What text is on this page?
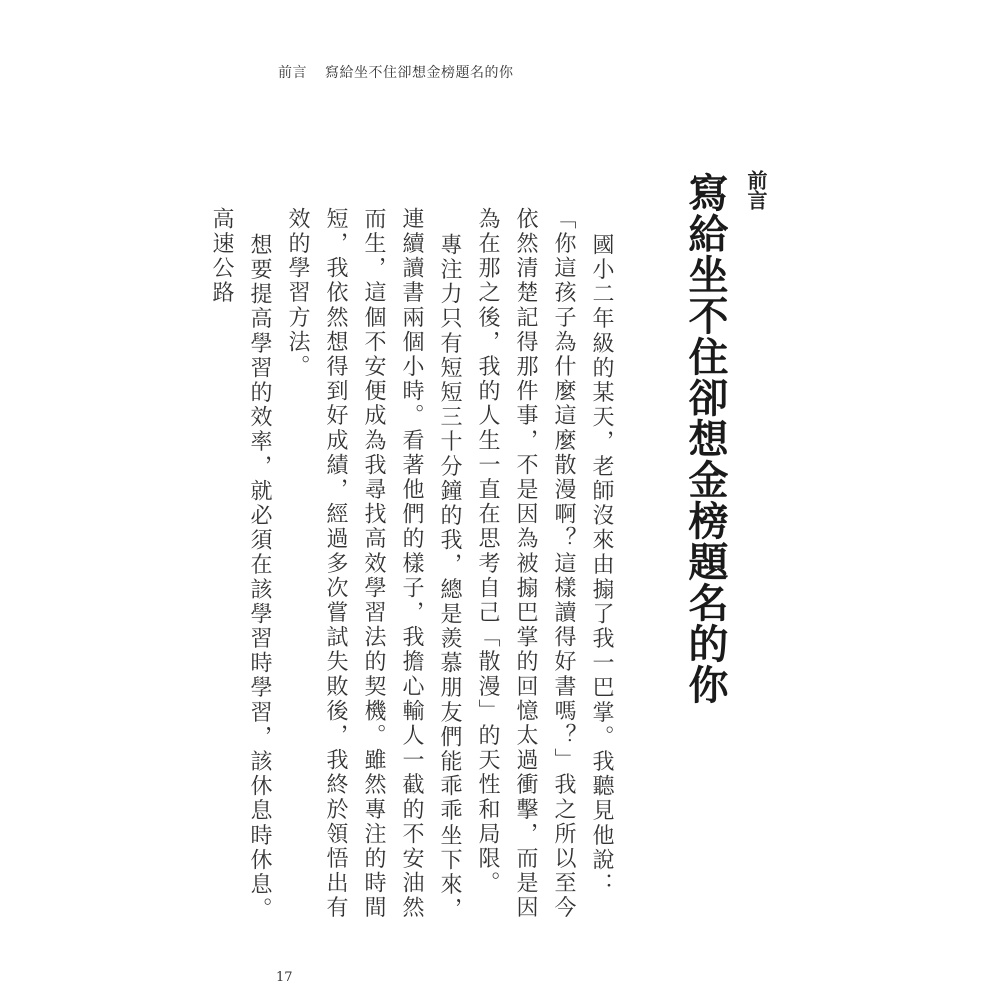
前言 寫給坐不住卻想金榜題名的你
前言
寫給坐不住卻想金榜題名的你

國小二年級的某天，老師沒來由搧了我一巴掌。我聽見他說：「你這孩子為什麼這麼散漫啊？這樣讀得好書嗎？」我之所以至今依然清楚記得那件事，不是因為被搧巴掌的回憶太過衝擊，而是因為在那之後，我的人生一直在思考自己「散漫」的天性和局限。

專注力只有短短三十分鐘的我，總是羨慕朋友們能乖乖坐下來，連續讀書兩個小時。看著他們的樣子，我擔心輸人一截的不安油然而生，這個不安便成為我尋找高效學習法的契機。雖然專注的時間短，我依然想得到好成績，經過多次嘗試失敗後，我終於領悟出有效的學習方法。

想要提高學習的效率，就必須在該學習時學習，該休息時休息。高速公路

17
